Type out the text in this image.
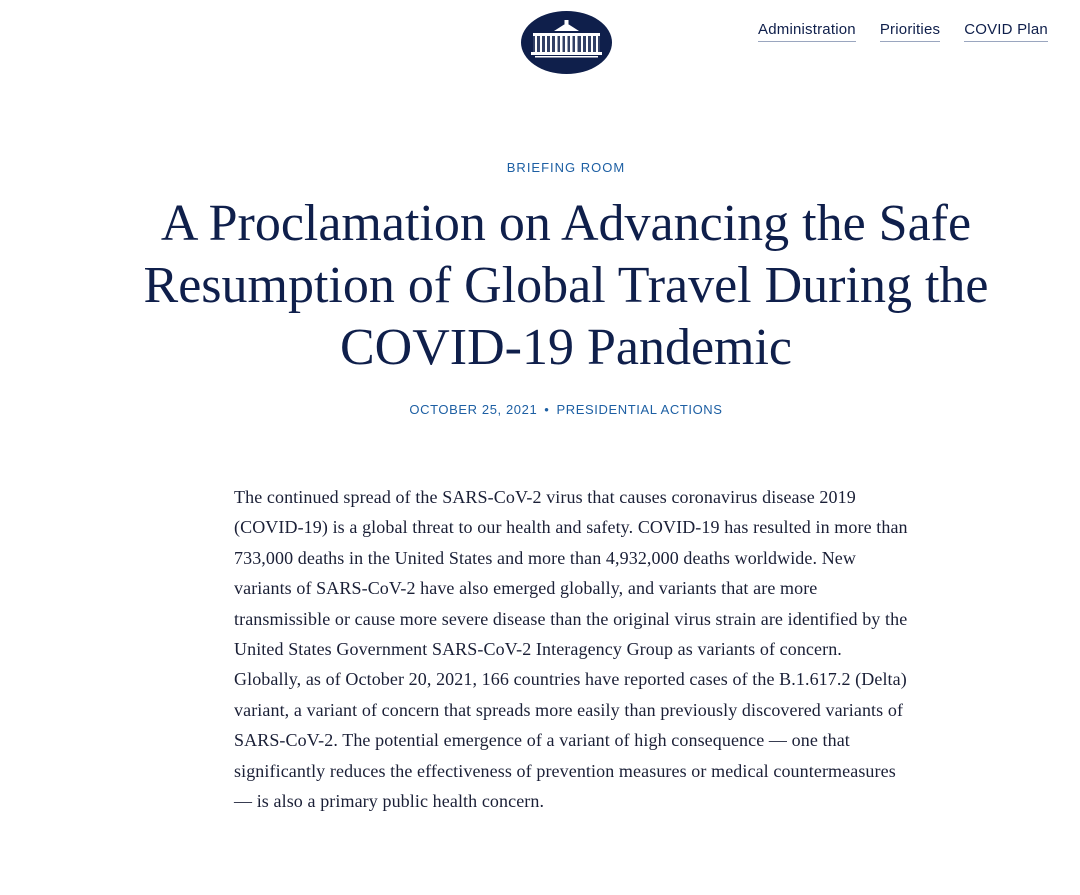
Administration Priorities COVID Plan
BRIEFING ROOM
A Proclamation on Advancing the Safe Resumption of Global Travel During the COVID-19 Pandemic
OCTOBER 25, 2021 • PRESIDENTIAL ACTIONS

The continued spread of the SARS-CoV-2 virus that causes coronavirus disease 2019 (COVID-19) is a global threat to our health and safety. COVID-19 has resulted in more than 733,000 deaths in the United States and more than 4,932,000 deaths worldwide. New variants of SARS-CoV-2 have also emerged globally, and variants that are more transmissible or cause more severe disease than the original virus strain are identified by the United States Government SARS-CoV-2 Interagency Group as variants of concern. Globally, as of October 20, 2021, 166 countries have reported cases of the B.1.617.2 (Delta) variant, a variant of concern that spreads more easily than previously discovered variants of SARS-CoV-2. The potential emergence of a variant of high consequence — one that significantly reduces the effectiveness of prevention measures or medical countermeasures — is also a primary public health concern.
